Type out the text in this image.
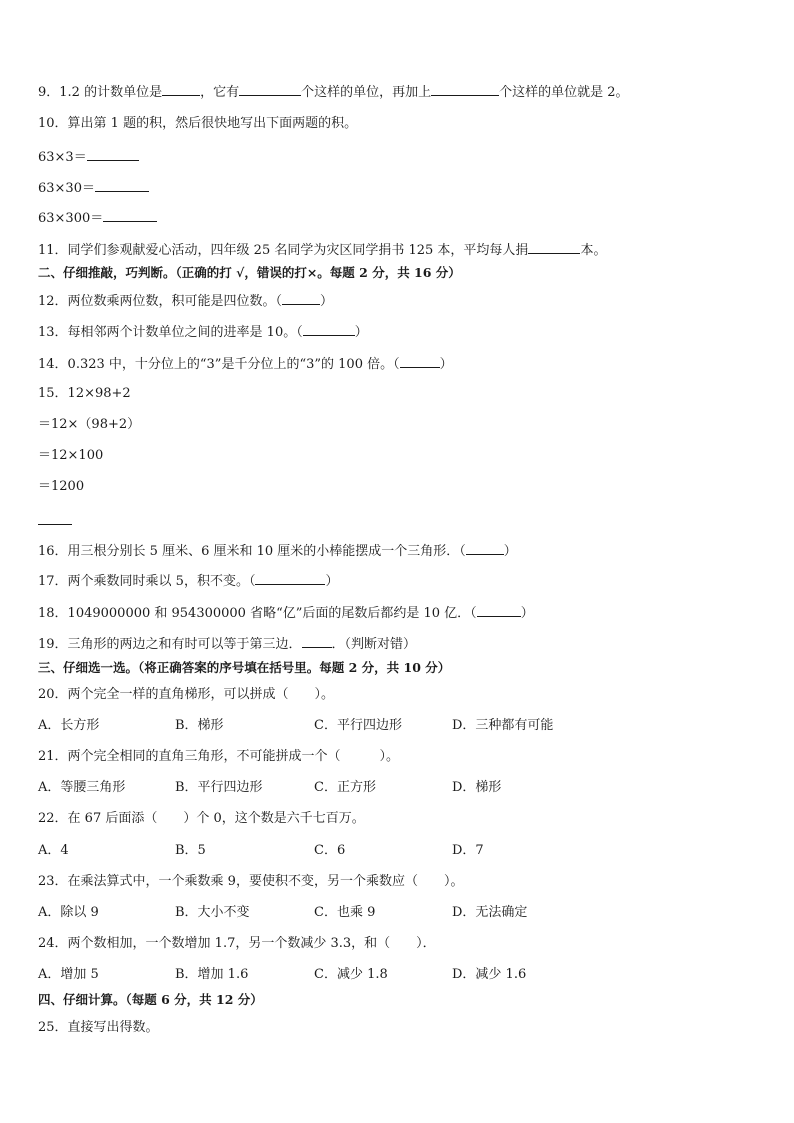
9．1.2 的计数单位是	，它有	个这样的单位，再加上	个这样的单位就是 2。
10．算出第 1 题的积，然后很快地写出下面两题的积。
63×3＝
63×30＝
63×300＝
11．同学们参观献爱心活动，四年级 25 名同学为灾区同学捐书 125 本，平均每人捐	本。
二、仔细推敲，巧判断。（正确的打 √，错误的打×。每题 2 分，共 16 分）
12．两位数乘两位数，积可能是四位数。（	）
13．每相邻两个计数单位之间的进率是 10。（	）
14．0.323 中，十分位上的“3”是千分位上的“3”的 100 倍。（	）
15．12×98+2
＝12×（98+2）
＝12×100
＝1200
16．用三根分别长 5 厘米、6 厘米和 10 厘米的小棒能摆成一个三角形．（	）
17．两个乘数同时乘以 5，积不变。（	）
18．1049000000 和 954300000 省略“亿”后面的尾数后都约是 10 亿．（	）
19．三角形的两边之和有时可以等于第三边． ．（判断对错）
三、仔细选一选。（将正确答案的序号填在括号里。每题 2 分，共 10 分）
20．两个完全一样的直角梯形，可以拼成（　　）。
A．长方形	B．梯形	C．平行四边形	D．三种都有可能
21．两个完全相同的直角三角形，不可能拼成一个（　　　）。
A．等腰三角形	B．平行四边形	C．正方形	D．梯形
22．在 67 后面添（　　）个 0，这个数是六千七百万。
A．4	B．5	C．6	D．7
23．在乘法算式中，一个乘数乘 9，要使积不变，另一个乘数应（　　）。
A．除以 9	B．大小不变	C．也乘 9	D．无法确定
24．两个数相加，一个数增加 1.7，另一个数减少 3.3，和（　　）．
A．增加 5	B．增加 1.6	C．减少 1.8	D．减少 1.6
四、仔细计算。（每题 6 分，共 12 分）
25．直接写出得数。
